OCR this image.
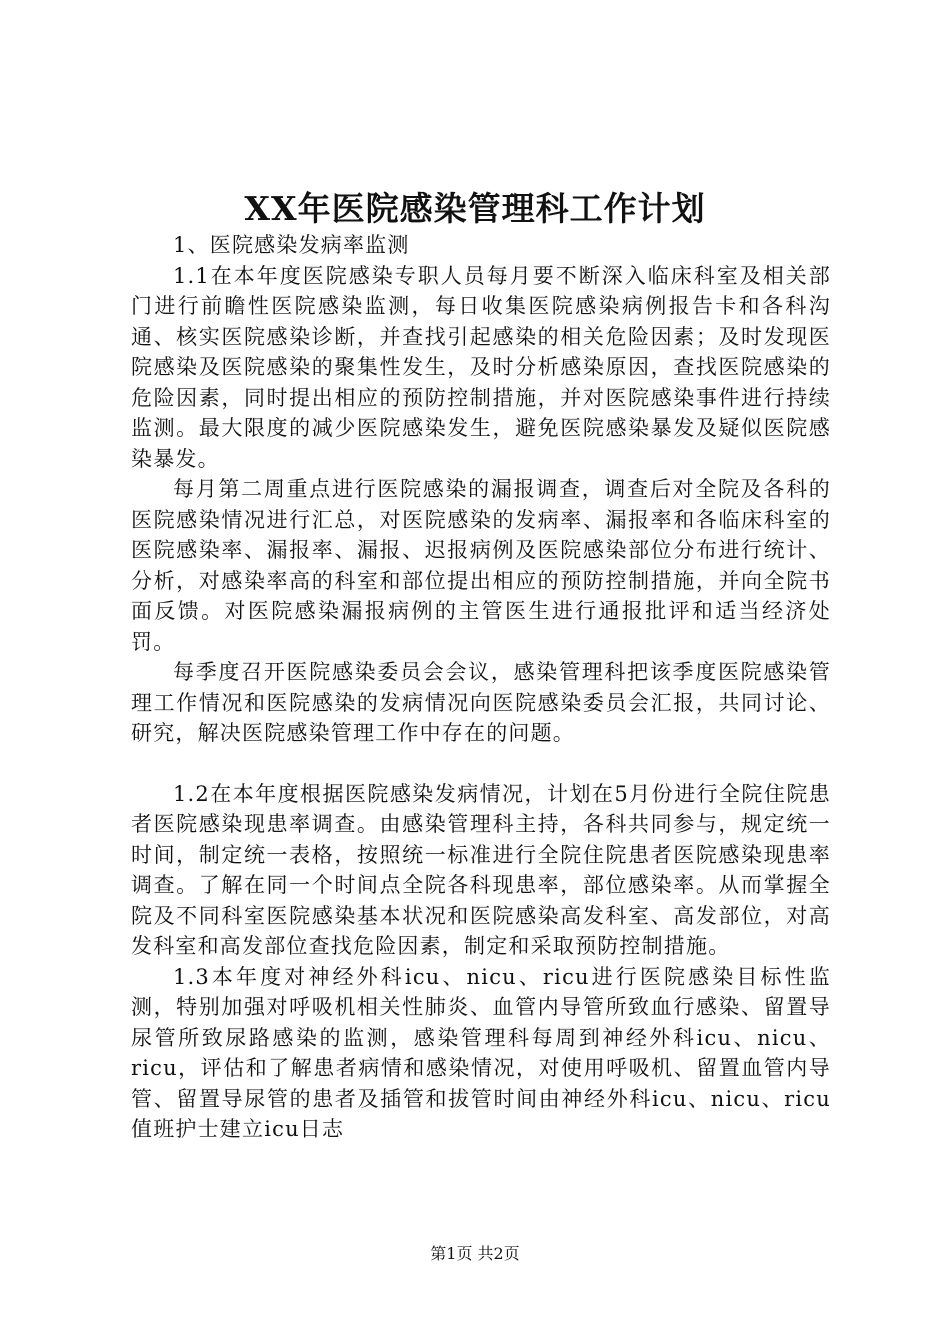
XX年医院感染管理科工作计划

1、医院感染发病率监测

1.1在本年度医院感染专职人员每月要不断深入临床科室及相关部门进行前瞻性医院感染监测，每日收集医院感染病例报告卡和各科沟通、核实医院感染诊断，并查找引起感染的相关危险因素；及时发现医院感染及医院感染的聚集性发生，及时分析感染原因，查找医院感染的危险因素，同时提出相应的预防控制措施，并对医院感染事件进行持续监测。最大限度的减少医院感染发生，避免医院感染暴发及疑似医院感染暴发。

每月第二周重点进行医院感染的漏报调查，调查后对全院及各科的医院感染情况进行汇总，对医院感染的发病率、漏报率和各临床科室的医院感染率、漏报率、漏报、迟报病例及医院感染部位分布进行统计、分析，对感染率高的科室和部位提出相应的预防控制措施，并向全院书面反馈。对医院感染漏报病例的主管医生进行通报批评和适当经济处罚。

每季度召开医院感染委员会会议，感染管理科把该季度医院感染管理工作情况和医院感染的发病情况向医院感染委员会汇报，共同讨论、研究，解决医院感染管理工作中存在的问题。

1.2在本年度根据医院感染发病情况，计划在5月份进行全院住院患者医院感染现患率调查。由感染管理科主持，各科共同参与，规定统一时间，制定统一表格，按照统一标准进行全院住院患者医院感染现患率调查。了解在同一个时间点全院各科现患率，部位感染率。从而掌握全院及不同科室医院感染基本状况和医院感染高发科室、高发部位，对高发科室和高发部位查找危险因素，制定和采取预防控制措施。

1.3本年度对神经外科icu、nicu、ricu进行医院感染目标性监测，特别加强对呼吸机相关性肺炎、血管内导管所致血行感染、留置导尿管所致尿路感染的监测，感染管理科每周到神经外科icu、nicu、ricu，评估和了解患者病情和感染情况，对使用呼吸机、留置血管内导管、留置导尿管的患者及插管和拔管时间由神经外科icu、nicu、ricu值班护士建立icu日志

第1页 共2页
